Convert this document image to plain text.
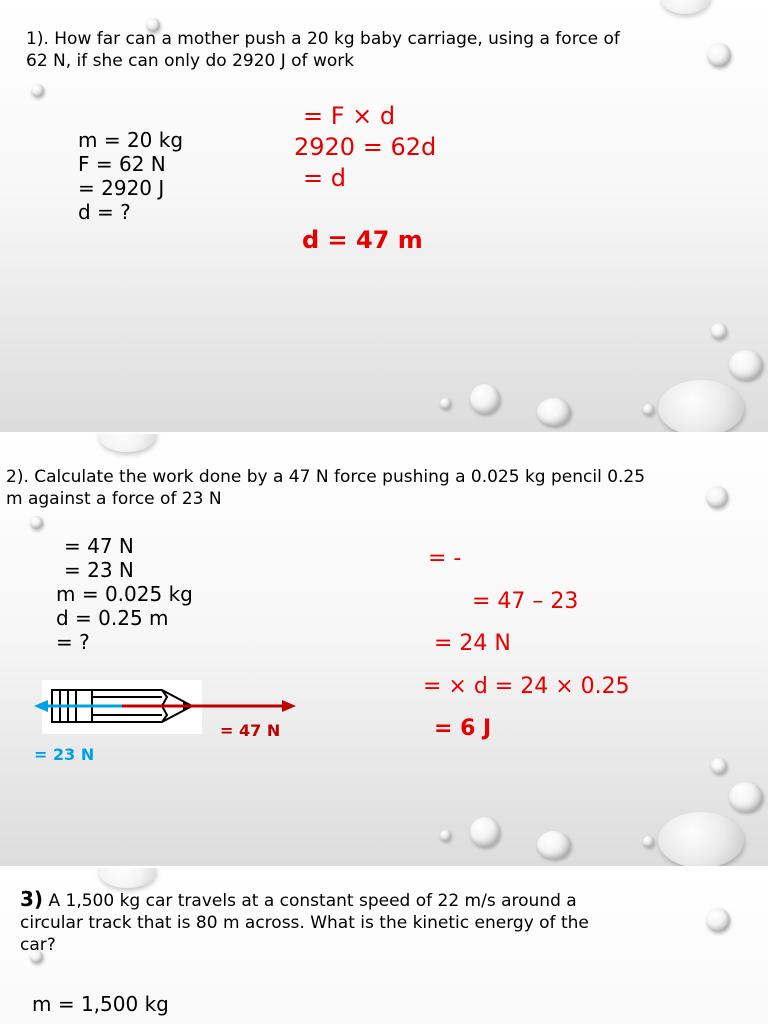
1). How far can a mother push a 20 kg baby carriage, using a force of
62 N, if she can only do 2920 J of work
m = 20 kg
F = 62 N
= 2920 J
d = ?
= F × d
2920 = 62d
= d
d = 47 m
2). Calculate the work done by a 47 N force pushing a 0.025 kg pencil 0.25
m against a force of 23 N
= 47 N
= 23 N
m = 0.025 kg
d = 0.25 m
= ?
= 47 N
= 23 N
= -
= 47 – 23
= 24 N
= × d = 24 × 0.25
= 6 J
3) A 1,500 kg car travels at a constant speed of 22 m/s around a
circular track that is 80 m across. What is the kinetic energy of the
car?
m = 1,500 kg
